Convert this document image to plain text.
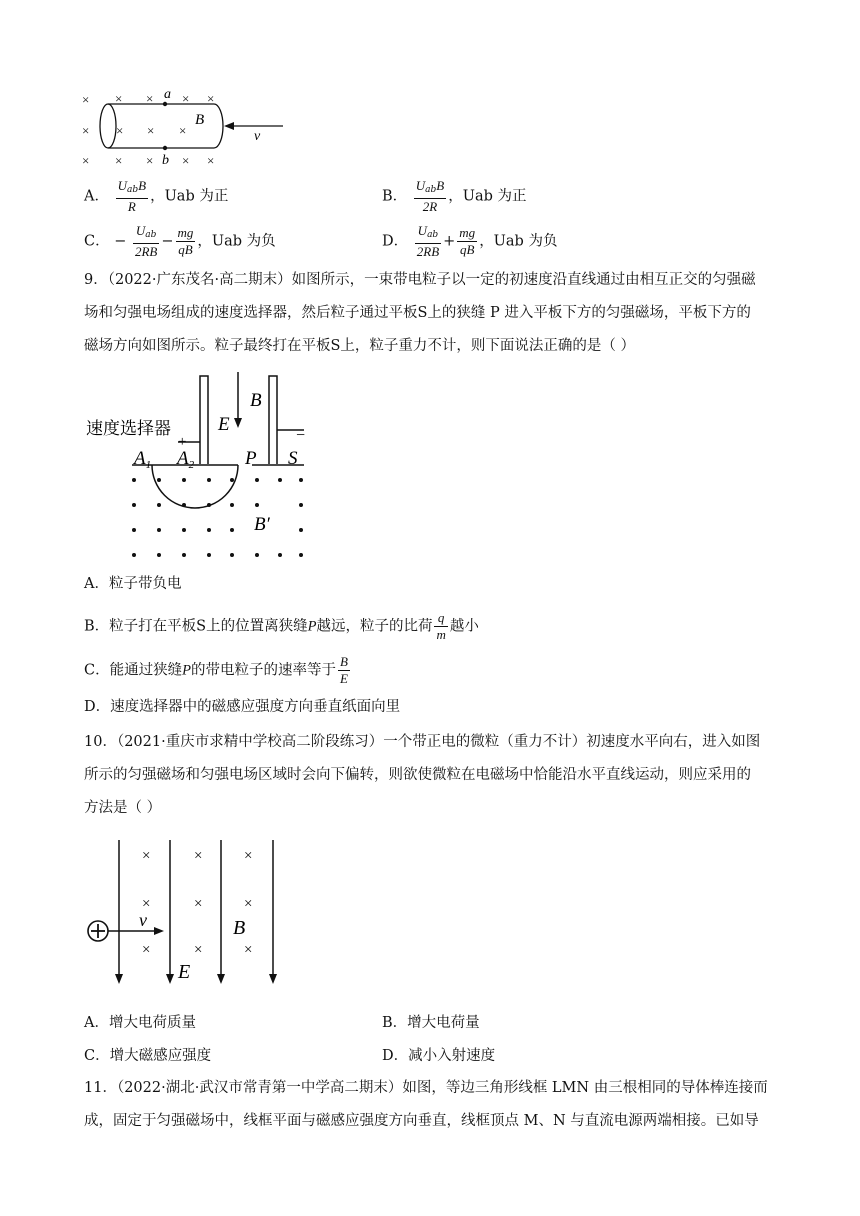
× × × × ×
× × × ×
× × × × ×
a
b
B
v
A． $\frac{U_{ab}B}{R}$ ，Uab 为正	B． $\frac{U_{ab}B}{2R}$ ，Uab 为正
C． − $\frac{U_{ab}}{2RB} - \frac{mg}{qB}$ ，Uab 为负	D． $\frac{U_{ab}}{2RB} + \frac{mg}{qB}$ ，Uab 为负
9．（2022·广东茂名·高二期末）如图所示，一束带电粒子以一定的初速度沿直线通过由相互正交的匀强磁
场和匀强电场组成的速度选择器，然后粒子通过平板S上的狭缝 P 进入平板下方的匀强磁场，平板下方的
磁场方向如图所示。粒子最终打在平板S上，粒子重力不计，则下面说法正确的是（ ）
速度选择器
+	−
E
B
$A_1$ $A_2$	P S
B′
A．粒子带负电
B．粒子打在平板S上的位置离狭缝P越远，粒子的比荷 $\frac{q}{m}$ 越小
C．能通过狭缝P的带电粒子的速率等于 $\frac{B}{E}$
D．速度选择器中的磁感应强度方向垂直纸面向里
10．（2021·重庆市求精中学校高二阶段练习）一个带正电的微粒（重力不计）初速度水平向右，进入如图
所示的匀强磁场和匀强电场区域时会向下偏转，则欲使微粒在电磁场中恰能沿水平直线运动，则应采用的
方法是（ ）
×	×	×
×	×	×
×	×	×
v	B
E
A．增大电荷质量	B．增大电荷量
C．增大磁感应强度	D．减小入射速度
11．（2022·湖北·武汉市常青第一中学高二期末）如图，等边三角形线框 LMN 由三根相同的导体棒连接而
成，固定于匀强磁场中，线框平面与磁感应强度方向垂直，线框顶点 M、N 与直流电源两端相接。已如导
